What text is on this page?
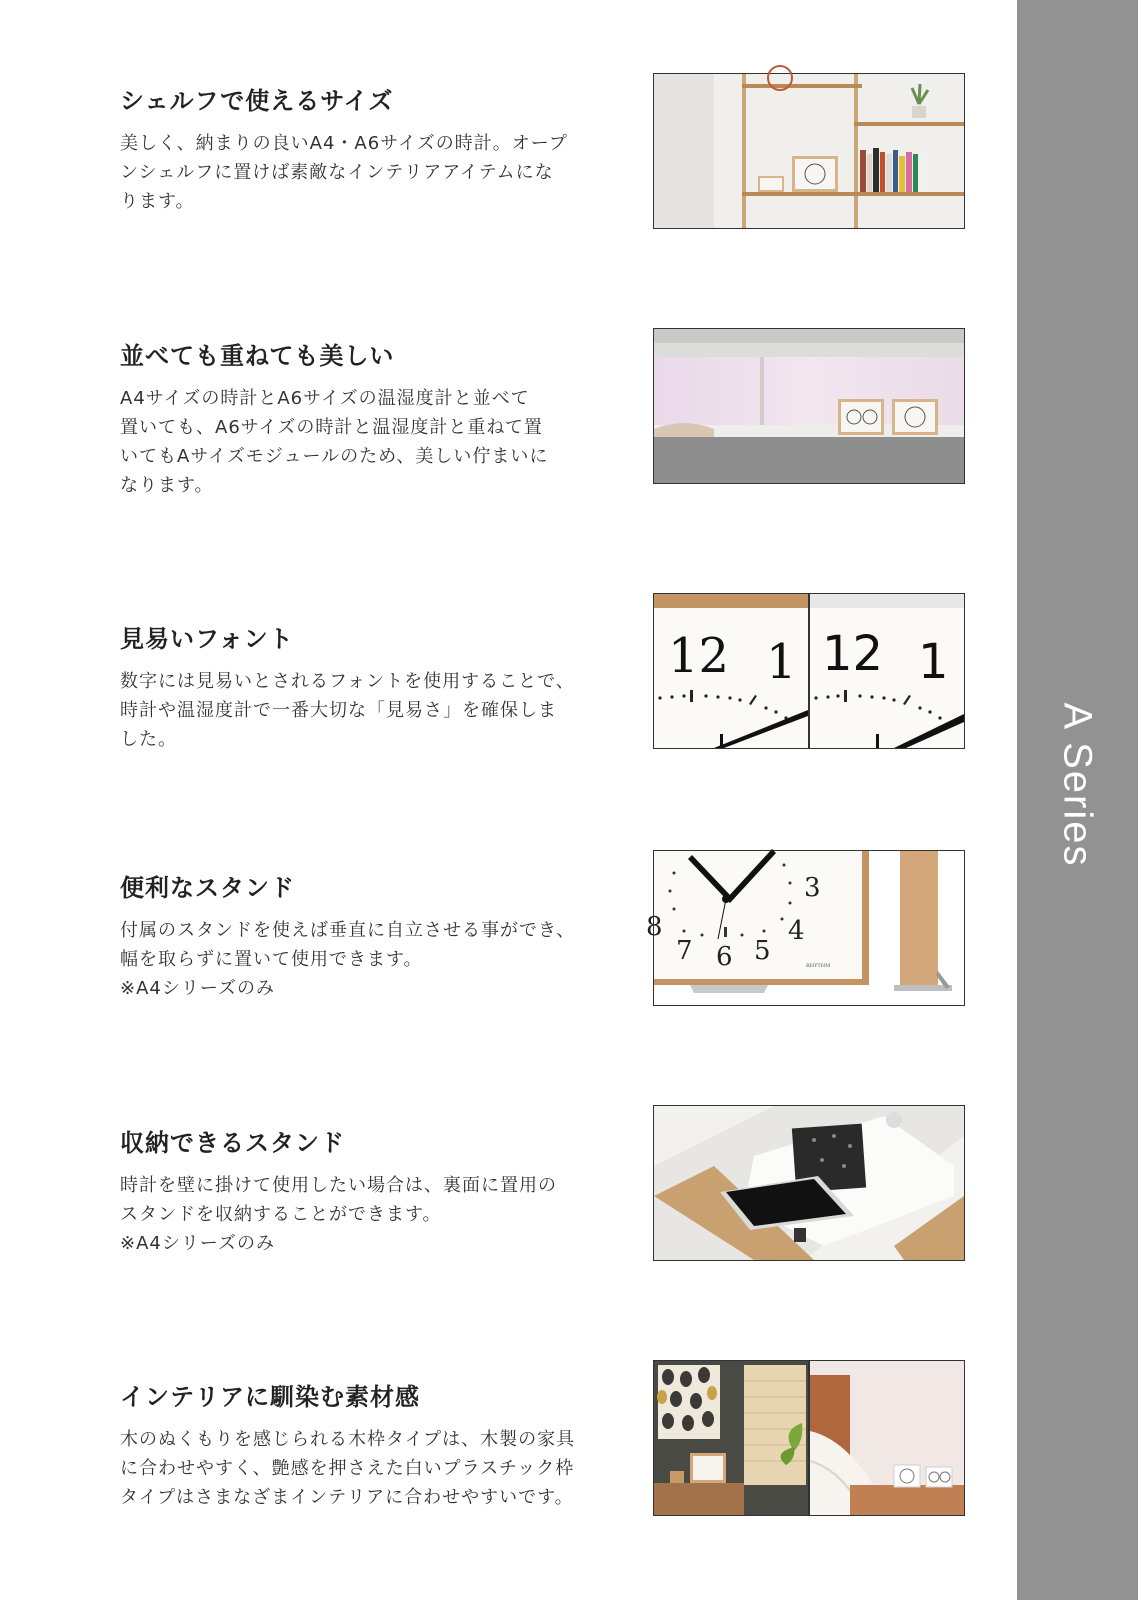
A Series
シェルフで使えるサイズ
美しく、納まりの良いA4・A6サイズの時計。オープ
ンシェルフに置けば素敵なインテリアアイテムにな
ります。
並べても重ねても美しい
A4サイズの時計とA6サイズの温湿度計と並べて
置いても、A6サイズの時計と温湿度計と重ねて置
いてもAサイズモジュールのため、美しい佇まいに
なります。
見易いフォント
数字には見易いとされるフォントを使用することで、
時計や温湿度計で一番大切な「見易さ」を確保しま
した。
12 1 12 1
便利なスタンド
付属のスタンドを使えば垂直に自立させる事ができ、
幅を取らずに置いて使用できます。
※A4シリーズのみ
3
4
5
6
7
8
RHYTHM
収納できるスタンド
時計を壁に掛けて使用したい場合は、裏面に置用の
スタンドを収納することができます。
※A4シリーズのみ
インテリアに馴染む素材感
木のぬくもりを感じられる木枠タイプは、木製の家具
に合わせやすく、艶感を押さえた白いプラスチック枠
タイプはさまなざまインテリアに合わせやすいです。
